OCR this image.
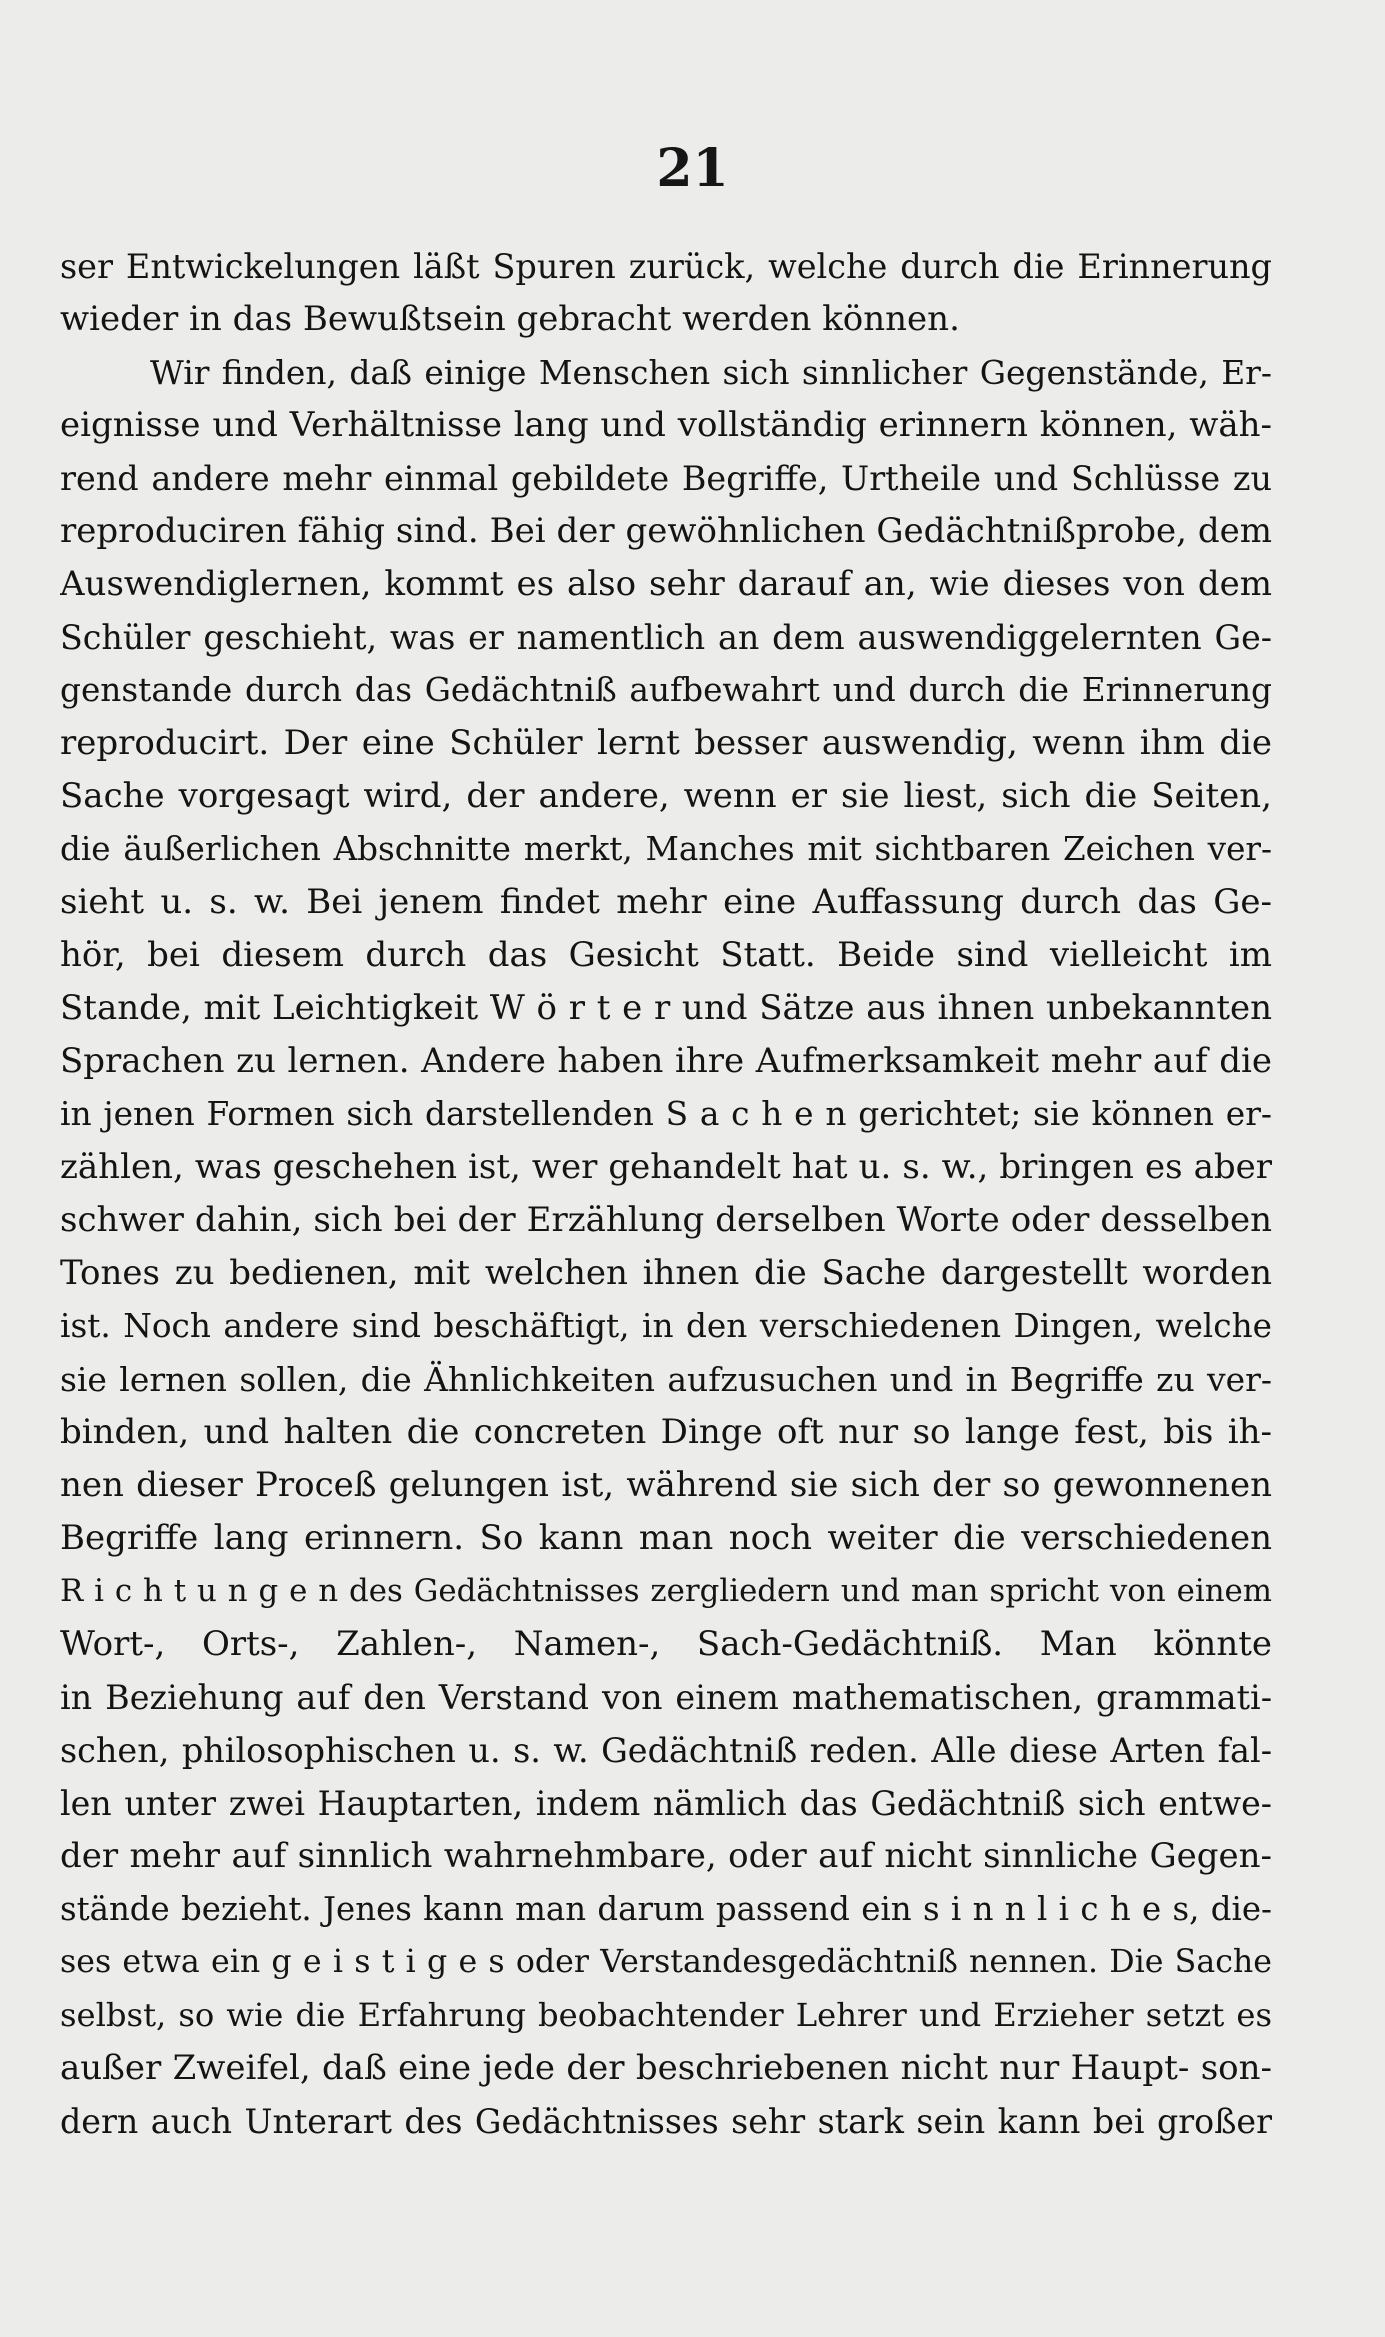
21
ser Entwickelungen läßt Spuren zurück, welche durch die Erinnerung
wieder in das Bewußtsein gebracht werden können.
Wir finden, daß einige Menschen sich sinnlicher Gegenstände, Er-
eignisse und Verhältnisse lang und vollständig erinnern können, wäh-
rend andere mehr einmal gebildete Begriffe, Urtheile und Schlüsse zu
reproduciren fähig sind. Bei der gewöhnlichen Gedächtnißprobe, dem
Auswendiglernen, kommt es also sehr darauf an, wie dieses von dem
Schüler geschieht, was er namentlich an dem auswendiggelernten Ge-
genstande durch das Gedächtniß aufbewahrt und durch die Erinnerung
reproducirt. Der eine Schüler lernt besser auswendig, wenn ihm die
Sache vorgesagt wird, der andere, wenn er sie liest, sich die Seiten,
die äußerlichen Abschnitte merkt, Manches mit sichtbaren Zeichen ver-
sieht u. s. w. Bei jenem findet mehr eine Auffassung durch das Ge-
hör, bei diesem durch das Gesicht Statt. Beide sind vielleicht im
Stande, mit Leichtigkeit W ö r t e r und Sätze aus ihnen unbekannten
Sprachen zu lernen. Andere haben ihre Aufmerksamkeit mehr auf die
in jenen Formen sich darstellenden S a c h e n gerichtet; sie können er-
zählen, was geschehen ist, wer gehandelt hat u. s. w., bringen es aber
schwer dahin, sich bei der Erzählung derselben Worte oder desselben
Tones zu bedienen, mit welchen ihnen die Sache dargestellt worden
ist. Noch andere sind beschäftigt, in den verschiedenen Dingen, welche
sie lernen sollen, die Ähnlichkeiten aufzusuchen und in Begriffe zu ver-
binden, und halten die concreten Dinge oft nur so lange fest, bis ih-
nen dieser Proceß gelungen ist, während sie sich der so gewonnenen
Begriffe lang erinnern. So kann man noch weiter die verschiedenen
R i c h t u n g e n des Gedächtnisses zergliedern und man spricht von einem
Wort-, Orts-, Zahlen-, Namen-, Sach-Gedächtniß. Man könnte
in Beziehung auf den Verstand von einem mathematischen, grammati-
schen, philosophischen u. s. w. Gedächtniß reden. Alle diese Arten fal-
len unter zwei Hauptarten, indem nämlich das Gedächtniß sich entwe-
der mehr auf sinnlich wahrnehmbare, oder auf nicht sinnliche Gegen-
stände bezieht. Jenes kann man darum passend ein s i n n l i c h e s, die-
ses etwa ein g e i s t i g e s oder Verstandesgedächtniß nennen. Die Sache
selbst, so wie die Erfahrung beobachtender Lehrer und Erzieher setzt es
außer Zweifel, daß eine jede der beschriebenen nicht nur Haupt- son-
dern auch Unterart des Gedächtnisses sehr stark sein kann bei großer
